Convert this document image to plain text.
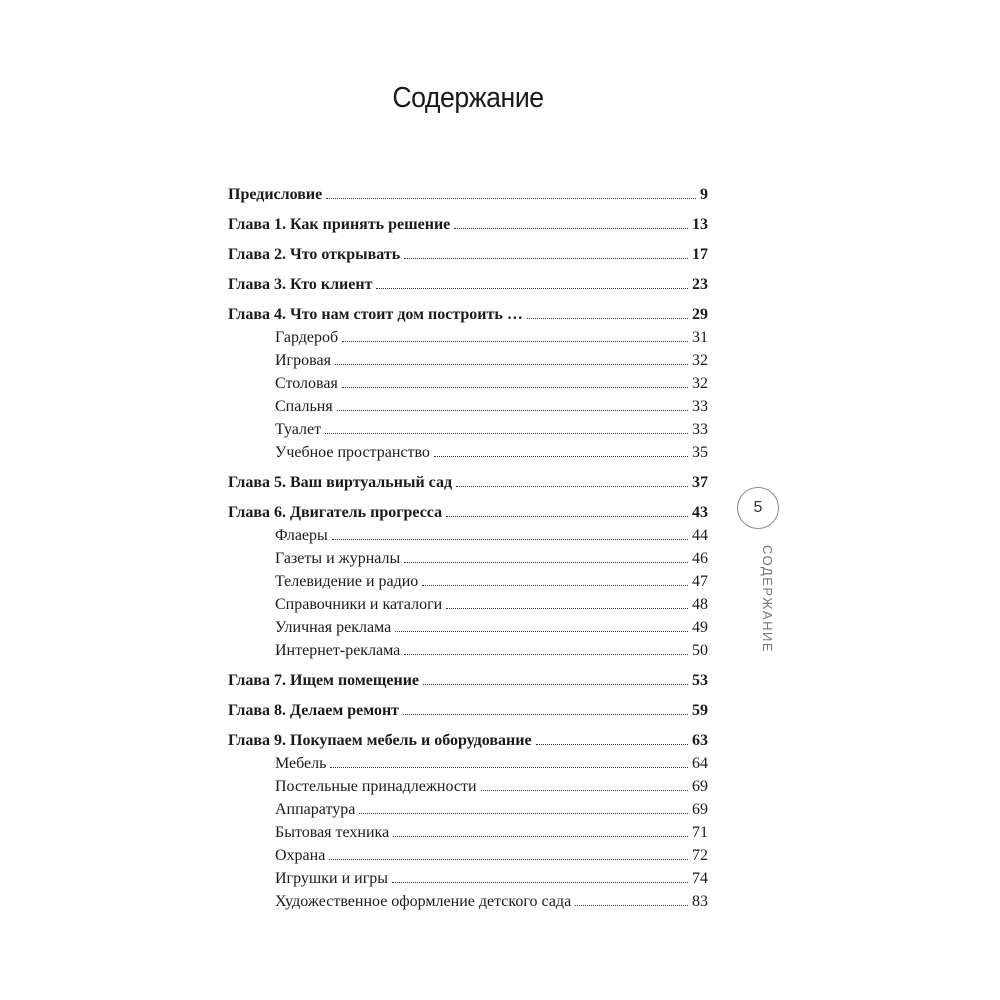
Содержание
Предисловие	9
Глава 1. Как принять решение	13
Глава 2. Что открывать	17
Глава 3. Кто клиент	23
Глава 4. Что нам стоит дом построить …	29
Гардероб	31
Игровая	32
Столовая	32
Спальня	33
Туалет	33
Учебное пространство	35
Глава 5. Ваш виртуальный сад	37
Глава 6. Двигатель прогресса	43
Флаеры	44
Газеты и журналы	46
Телевидение и радио	47
Справочники и каталоги	48
Уличная реклама	49
Интернет-реклама	50
Глава 7. Ищем помещение	53
Глава 8. Делаем ремонт	59
Глава 9. Покупаем мебель и оборудование	63
Мебель	64
Постельные принадлежности	69
Аппаратура	69
Бытовая техника	71
Охрана	72
Игрушки и игры	74
Художественное оформление детского сада	83
5
СОДЕРЖАНИЕ
